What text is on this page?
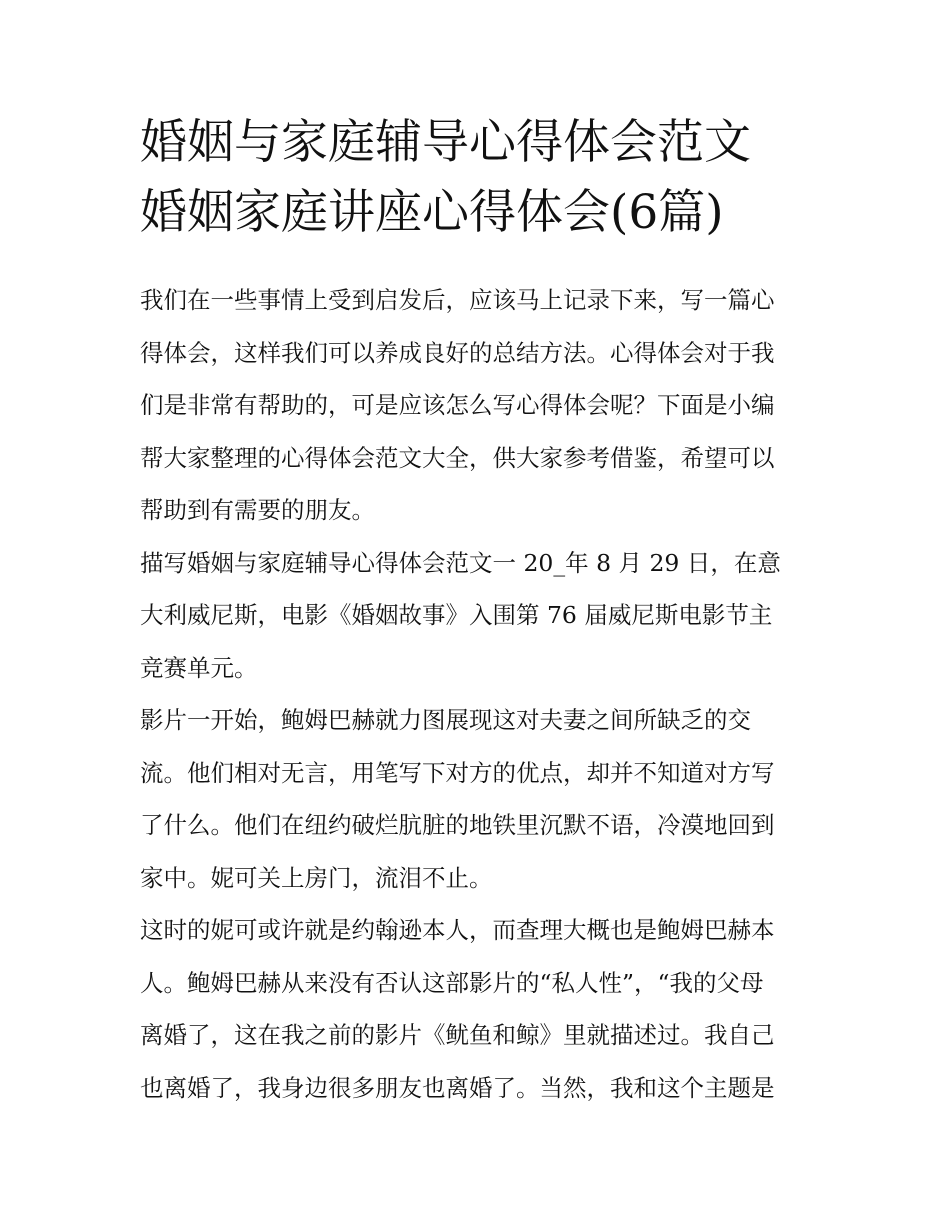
婚姻与家庭辅导心得体会范文
婚姻家庭讲座心得体会(6篇)
我们在一些事情上受到启发后，应该马上记录下来，写一篇心
得体会，这样我们可以养成良好的总结方法。心得体会对于我
们是非常有帮助的，可是应该怎么写心得体会呢？下面是小编
帮大家整理的心得体会范文大全，供大家参考借鉴，希望可以
帮助到有需要的朋友。
描写婚姻与家庭辅导心得体会范文一 20_年 8 月 29 日，在意
大利威尼斯，电影《婚姻故事》入围第 76 届威尼斯电影节主
竞赛单元。
影片一开始，鲍姆巴赫就力图展现这对夫妻之间所缺乏的交
流。他们相对无言，用笔写下对方的优点，却并不知道对方写
了什么。他们在纽约破烂肮脏的地铁里沉默不语，冷漠地回到
家中。妮可关上房门，流泪不止。
这时的妮可或许就是约翰逊本人，而查理大概也是鲍姆巴赫本
人。鲍姆巴赫从来没有否认这部影片的“私人性”，“我的父母
离婚了，这在我之前的影片《鱿鱼和鲸》里就描述过。我自己
也离婚了，我身边很多朋友也离婚了。当然，我和这个主题是
